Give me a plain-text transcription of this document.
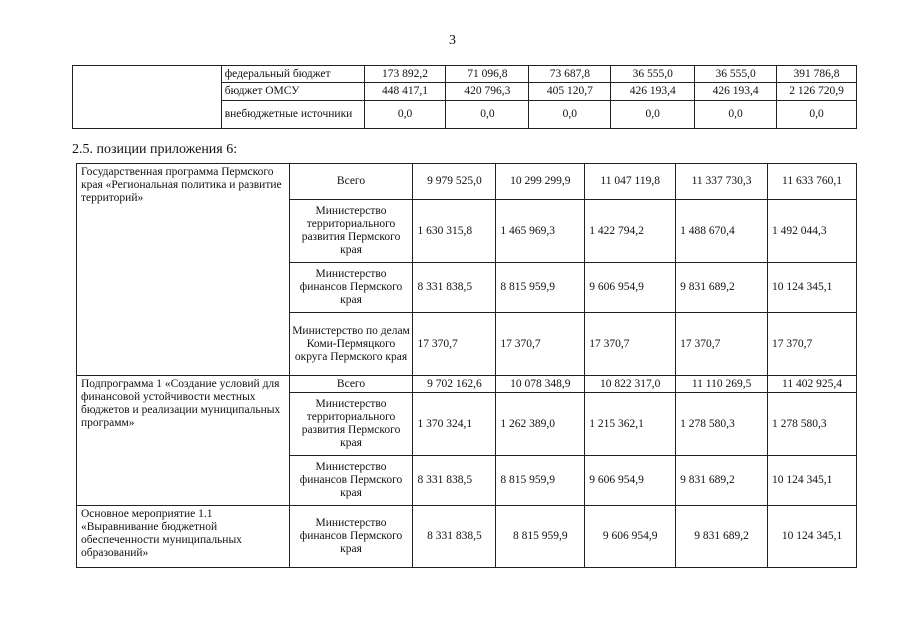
3
	федеральный бюджет	173 892,2	71 096,8	73 687,8	36 555,0	36 555,0	391 786,8
	бюджет ОМСУ	448 417,1	420 796,3	405 120,7	426 193,4	426 193,4	2 126 720,9
	внебюджетные источники	0,0	0,0	0,0	0,0	0,0	0,0
2.5. позиции приложения 6:
Государственная программа Пермского края «Региональная политика и развитие территорий»	Всего	9 979 525,0	10 299 299,9	11 047 119,8	11 337 730,3	11 633 760,1
	Министерство территориального развития Пермского края	1 630 315,8	1 465 969,3	1 422 794,2	1 488 670,4	1 492 044,3
	Министерство финансов Пермского края	8 331 838,5	8 815 959,9	9 606 954,9	9 831 689,2	10 124 345,1
	Министерство по делам Коми-Пермяцкого округа Пермского края	17 370,7	17 370,7	17 370,7	17 370,7	17 370,7
Подпрограмма 1 «Создание условий для финансовой устойчивости местных бюджетов и реализации муниципальных программ»	Всего	9 702 162,6	10 078 348,9	10 822 317,0	11 110 269,5	11 402 925,4
	Министерство территориального развития Пермского края	1 370 324,1	1 262 389,0	1 215 362,1	1 278 580,3	1 278 580,3
	Министерство финансов Пермского края	8 331 838,5	8 815 959,9	9 606 954,9	9 831 689,2	10 124 345,1
Основное мероприятие 1.1 «Выравнивание бюджетной обеспеченности муниципальных образований»	Министерство финансов Пермского края	8 331 838,5	8 815 959,9	9 606 954,9	9 831 689,2	10 124 345,1
